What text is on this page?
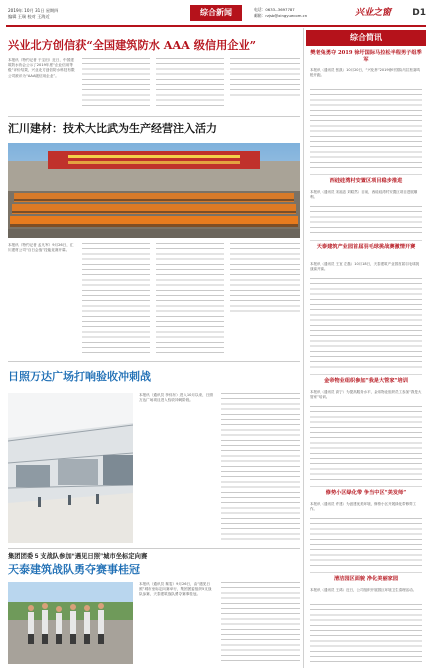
2019年 10月 31日 星期四
编辑 王瑞 校对 王海近	综合新闻	电话：0633--3697787
邮箱：rzjsb@xingyuecom.cn	兴业之窗	D1
兴业北方创信获“全国建筑防水 AAA 级信用企业”
本报讯（特约记者 于宝田）近日，中国建筑防水协会公示了2019年度“企业信用等级”评价结果，兴业北方创信防水科技有限公司被评为“AAA级信用企业”。
汇川建材：技术大比武为生产经营注入活力
本报讯（特约记者 孟凡军）9月26日，汇川建材公司“百日会战”技能竞赛开幕。
日照万达广场打响验收冲刺战
本报讯（通讯员 李伟东）进入10月以来，日照万达广场项目进入验收冲刺阶段。
集团团委 5 支战队参加“遇见日照”城市坐标定向赛
天泰建筑战队勇夺赛事桂冠
本报讯（通讯员 秦雯）9月26日，由“遇见日照”城市坐标定向赛举行，集团团委组织5支战队参赛，天泰建筑战队勇夺赛事桂冠。
综合简讯
樊老兔勇夺 2019 徐圩国际马拉松半程男子组季军
本报讯（通讯员 张凯）10月20日，“兴化杯”2019徐圩国际马拉松赛鸣枪开跑。
西硅硅湾村安置区项目稳步推进
本报讯（通讯员 宋福忠 刘昭然）目前，西硅硅湾村安置区项目进展顺利。
天泰建筑产业园首届羽毛球挑战赛激情开赛
本报讯（通讯员 王宜 左磊）10月18日，天泰建筑产业园首届羽毛球挑战赛开赛。
金帝物业组织参加“我是大管家”培训
本报讯（通讯员 高宁）为提高服务水平，金帝物业组织员工参加“我是大管家”培训。
修势小区绿化带 争当中区“美发师”
本报讯（通讯员 许建）为创建优美环境，修势小区开展绿化带修剪工作。
清洁园区面貌 净化美丽家园
本报讯（通讯员 王鸿）近日，公司组织开展园区环境卫生清理活动。
